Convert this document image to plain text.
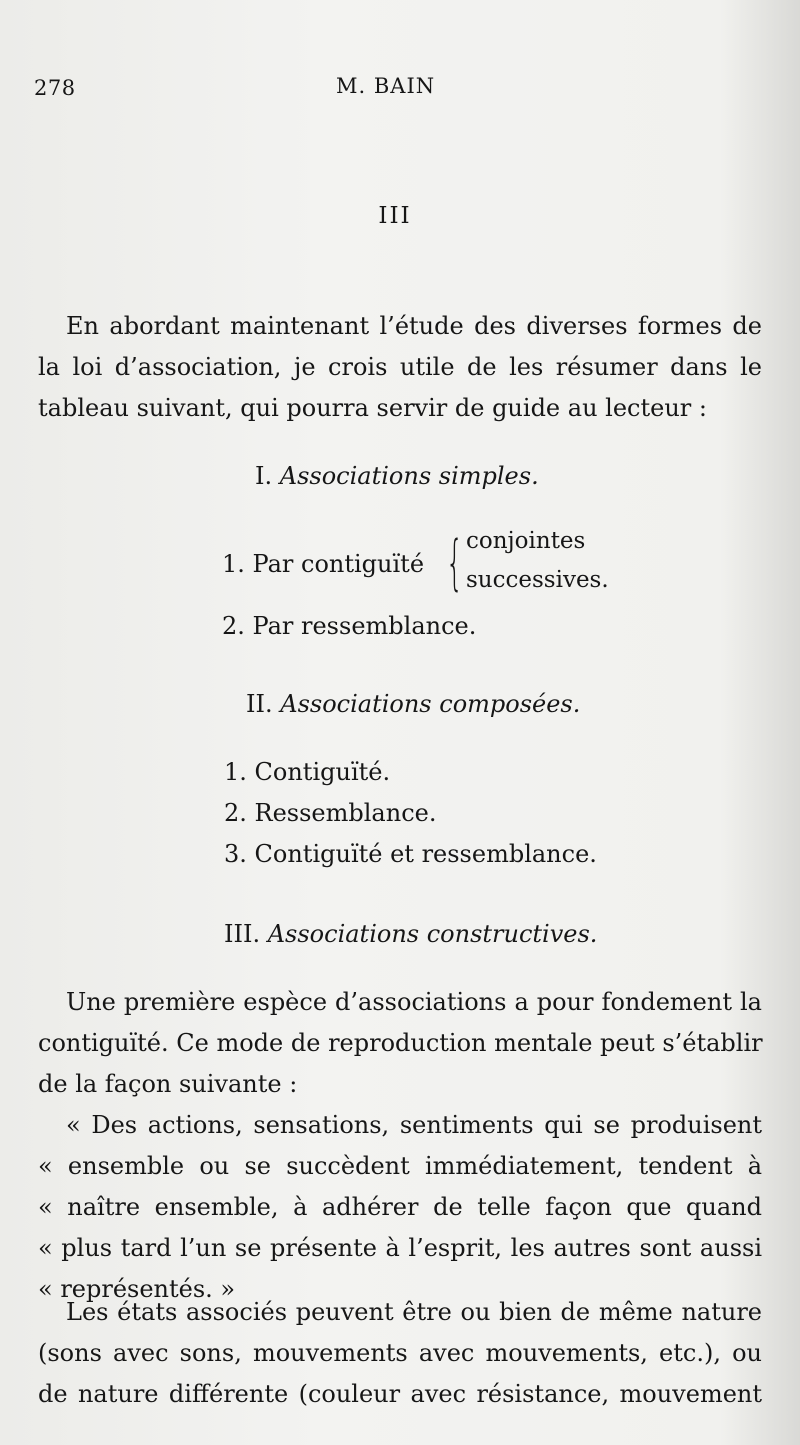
278	M. BAIN
III

En abordant maintenant l’étude des diverses formes de
la loi d’association, je crois utile de les résumer dans le
tableau suivant, qui pourra servir de guide au lecteur :

I. Associations simples.
1. Par contiguïté { conjointes
successives.
2. Par ressemblance.
II. Associations composées.
1. Contiguïté.
2. Ressemblance.
3. Contiguïté et ressemblance.
III. Associations constructives.

Une première espèce d’associations a pour fondement la
contiguïté. Ce mode de reproduction mentale peut s’établir
de la façon suivante :

« Des actions, sensations, sentiments qui se produisent
« ensemble ou se succèdent immédiatement, tendent à
« naître ensemble, à adhérer de telle façon que quand
« plus tard l’un se présente à l’esprit, les autres sont aussi
« représentés. »

Les états associés peuvent être ou bien de même nature
(sons avec sons, mouvements avec mouvements, etc.), ou
de nature différente (couleur avec résistance, mouvement
